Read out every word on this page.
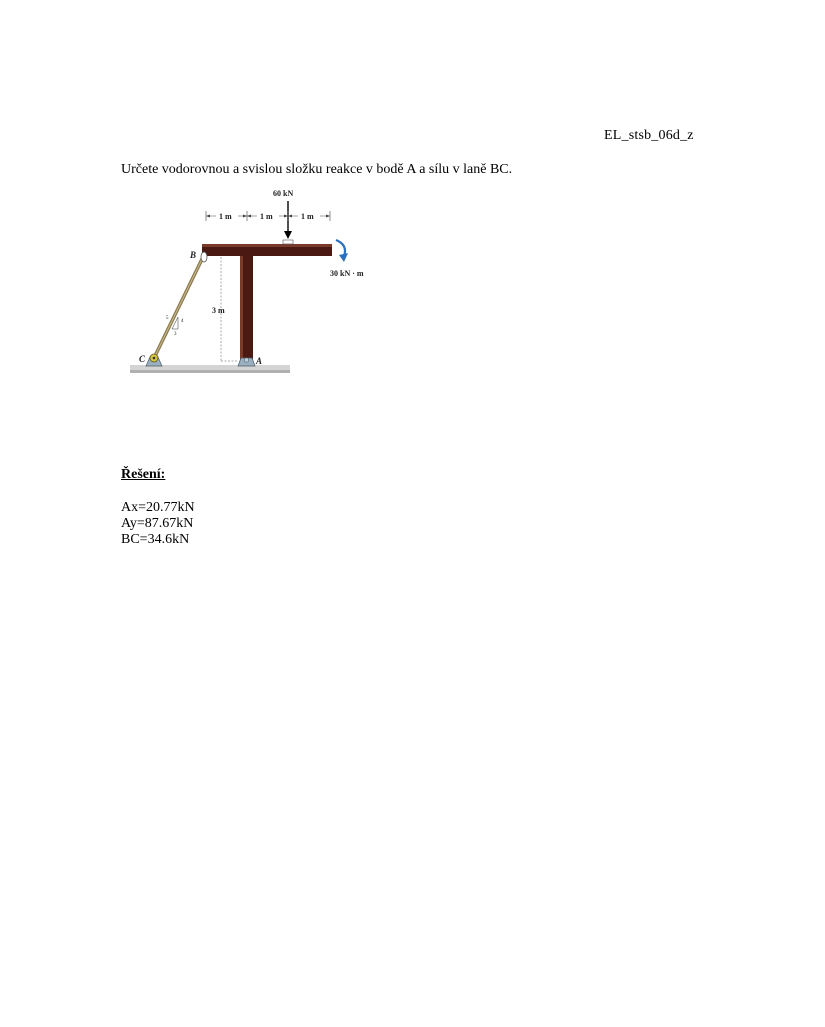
EL_stsb_06d_z
Určete vodorovnou a svislou složku reakce v bodě A a sílu v laně BC.
60 kN
1 m	1 m	1 m
3 m
30 kN · m
5
4
3
B
C	A
Řešení:
Ax=20.77kN
Ay=87.67kN
BC=34.6kN
